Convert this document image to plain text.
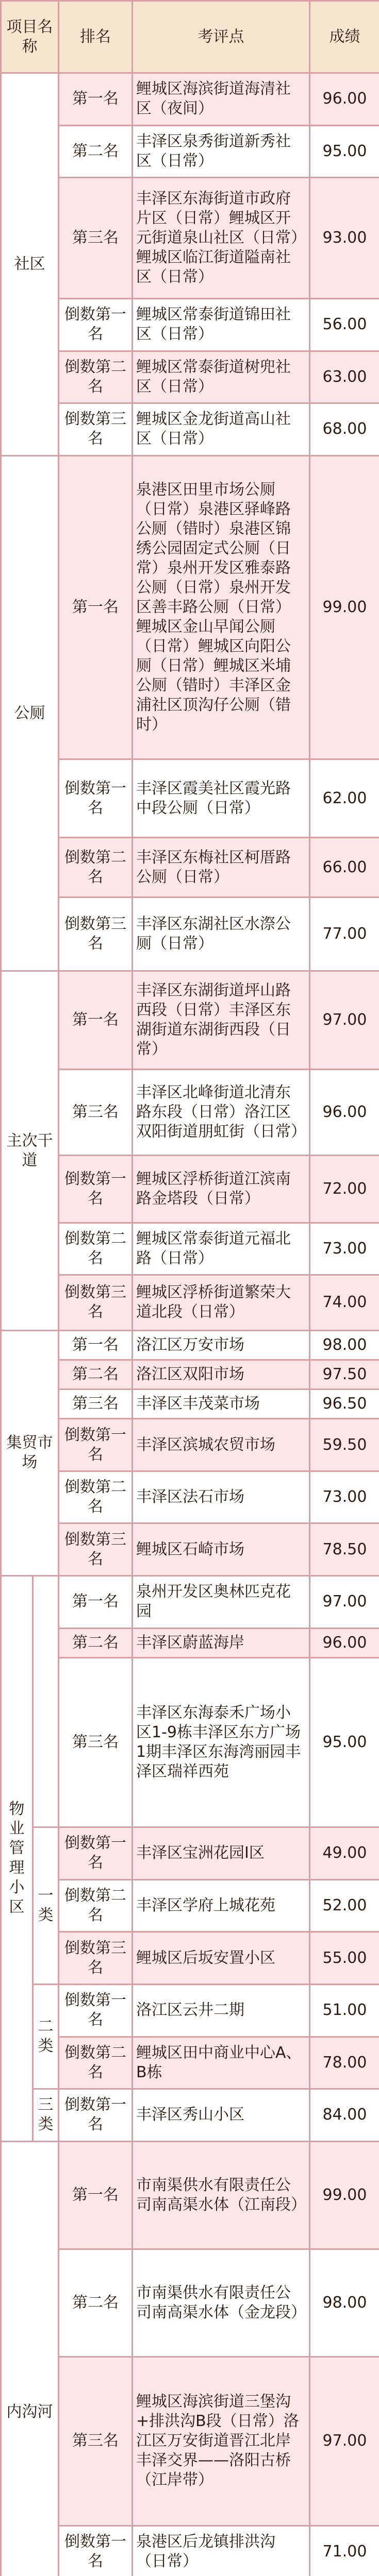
项目名称		排名	考评点	成绩
社区		第一名	鲤城区海滨街道海清社区（夜间）	96.00
		第二名	丰泽区泉秀街道新秀社区（日常）	95.00
		第三名	丰泽区东海街道市政府片区（日常）鲤城区开元街道泉山社区（日常）鲤城区临江街道隘南社区（日常）	93.00
		倒数第一名	鲤城区常泰街道锦田社区（日常）	56.00
		倒数第二名	鲤城区常泰街道树兜社区（日常）	63.00
		倒数第三名	鲤城区金龙街道高山社区（日常）	68.00
公厕		第一名	泉港区田里市场公厕（日常）泉港区驿峰路公厕（错时）泉港区锦绣公园固定式公厕（日常）泉州开发区雅泰路公厕（日常）泉州开发区善丰路公厕（日常）鲤城区金山早闻公厕（日常）鲤城区向阳公厕（日常）鲤城区米埔公厕（错时）丰泽区金浦社区顶沟仔公厕（错时）	99.00
		倒数第一名	丰泽区霞美社区霞光路中段公厕（日常）	62.00
		倒数第二名	丰泽区东梅社区柯厝路公厕（日常）	66.00
		倒数第三名	丰泽区东湖社区水漈公厕（日常）	77.00
主次干道		第一名	丰泽区东湖街道坪山路西段（日常）丰泽区东湖街道东湖街西段（日常）	97.00
		第三名	丰泽区北峰街道北清东路东段（日常）洛江区双阳街道朋虹街（日常）	96.00
		倒数第一名	鲤城区浮桥街道江滨南路金塔段（日常）	72.00
		倒数第二名	鲤城区常泰街道元福北路（日常）	73.00
		倒数第三名	鲤城区浮桥街道繁荣大道北段（日常）	74.00
集贸市场		第一名	洛江区万安市场	98.00
		第二名	洛江区双阳市场	97.50
		第三名	丰泽区丰茂菜市场	96.50
		倒数第一名	丰泽区滨城农贸市场	59.50
		倒数第二名	丰泽区法石市场	73.00
		倒数第三名	鲤城区石崎市场	78.50
物业管理小区		第一名	泉州开发区奥林匹克花园	97.00
		第二名	丰泽区蔚蓝海岸	96.00
		第三名	丰泽区东海泰禾广场小区1-9栋丰泽区东方广场1期丰泽区东海湾丽园丰泽区瑞祥西苑	95.00
	一类	倒数第一名	丰泽区宝洲花园Ⅰ区	49.00
		倒数第二名	丰泽区学府上城花苑	52.00
		倒数第三名	鲤城区后坂安置小区	55.00
	二类	倒数第一名	洛江区云井二期	51.00
		倒数第二名	鲤城区田中商业中心A、B栋	78.00
	三类	倒数第一名	丰泽区秀山小区	84.00
内沟河		第一名	市南渠供水有限责任公司南高渠水体（江南段）	99.00
		第二名	市南渠供水有限责任公司南高渠水体（金龙段）	98.00
		第三名	鲤城区海滨街道三堡沟+排洪沟B段（日常）洛江区万安街道晋江北岸丰泽交界——洛阳古桥（江岸带）	97.00
		倒数第一名	泉港区后龙镇排洪沟（日常）	71.00
